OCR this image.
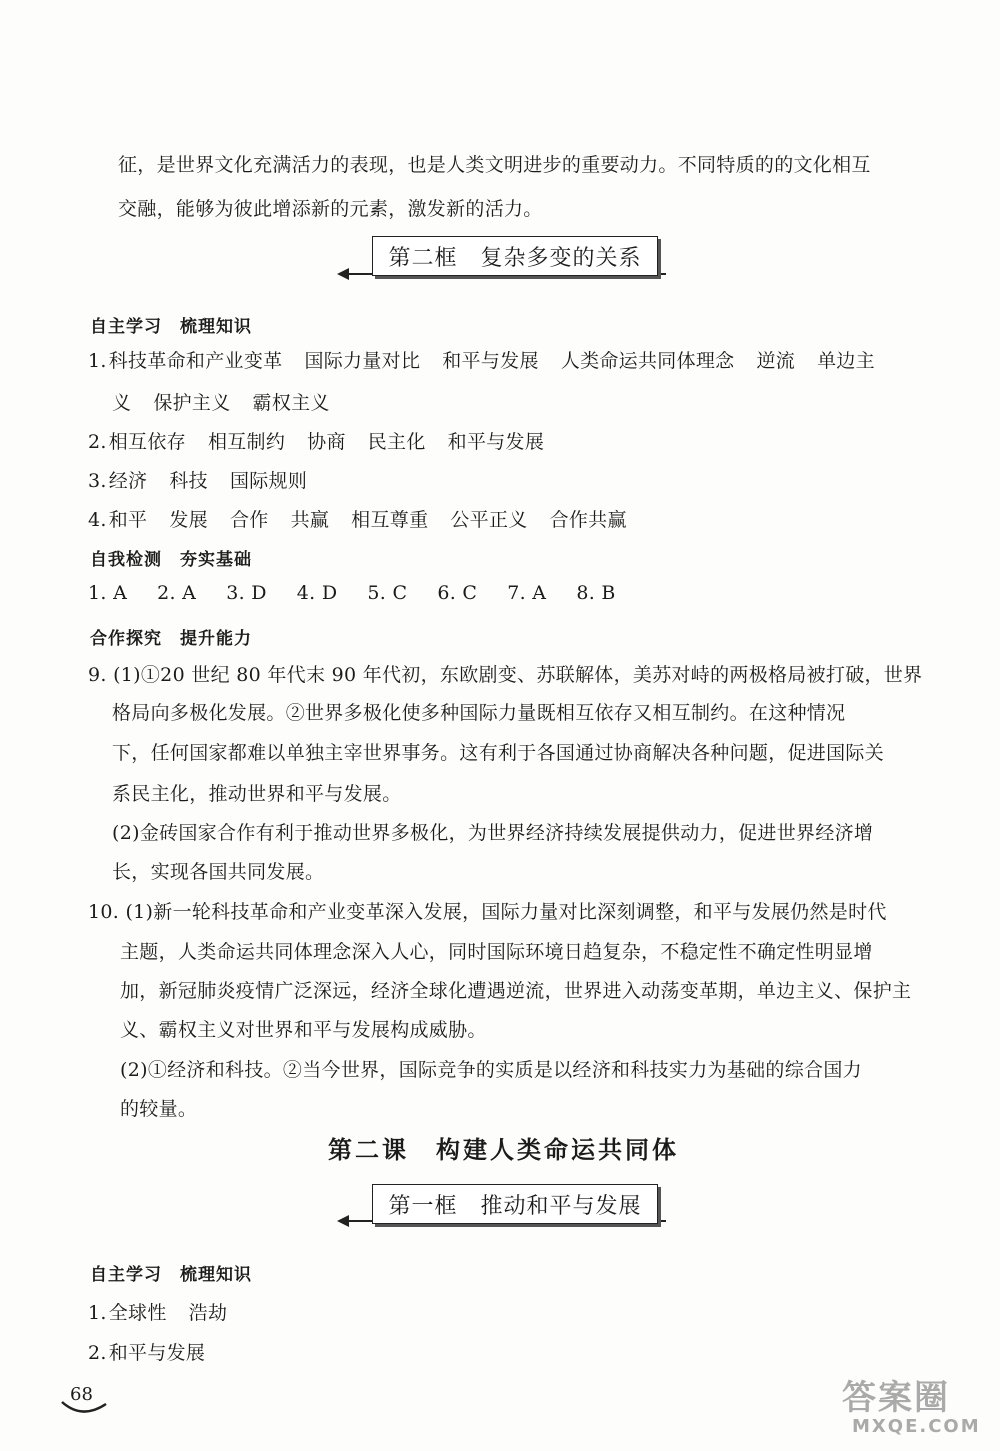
征，是世界文化充满活力的表现，也是人类文明进步的重要动力。不同特质的的文化相互
交融，能够为彼此增添新的元素，激发新的活力。
第二框　复杂多变的关系
自主学习　梳理知识
1. 科技革命和产业变革 国际力量对比 和平与发展 人类命运共同体理念 逆流 单边主
义 保护主义 霸权主义
2. 相互依存 相互制约 协商 民主化 和平与发展
3. 经济 科技 国际规则
4. 和平 发展 合作 共赢 相互尊重 公平正义 合作共赢
自我检测　夯实基础
1. A 2. A 3. D 4. D 5. C 6. C 7. A 8. B
合作探究　提升能力
9. (1)①20 世纪 80 年代末 90 年代初，东欧剧变、苏联解体，美苏对峙的两极格局被打破，世界
格局向多极化发展。②世界多极化使多种国际力量既相互依存又相互制约。在这种情况
下，任何国家都难以单独主宰世界事务。这有利于各国通过协商解决各种问题，促进国际关
系民主化，推动世界和平与发展。
(2)金砖国家合作有利于推动世界多极化，为世界经济持续发展提供动力，促进世界经济增
长，实现各国共同发展。
10. (1)新一轮科技革命和产业变革深入发展，国际力量对比深刻调整，和平与发展仍然是时代
主题，人类命运共同体理念深入人心，同时国际环境日趋复杂，不稳定性不确定性明显增
加，新冠肺炎疫情广泛深远，经济全球化遭遇逆流，世界进入动荡变革期，单边主义、保护主
义、霸权主义对世界和平与发展构成威胁。
(2)①经济和科技。②当今世界，国际竞争的实质是以经济和科技实力为基础的综合国力
的较量。
第二课　构建人类命运共同体
第一框　推动和平与发展
自主学习　梳理知识
1. 全球性 浩劫
2. 和平与发展
68	答案圈
MXQE.COM
